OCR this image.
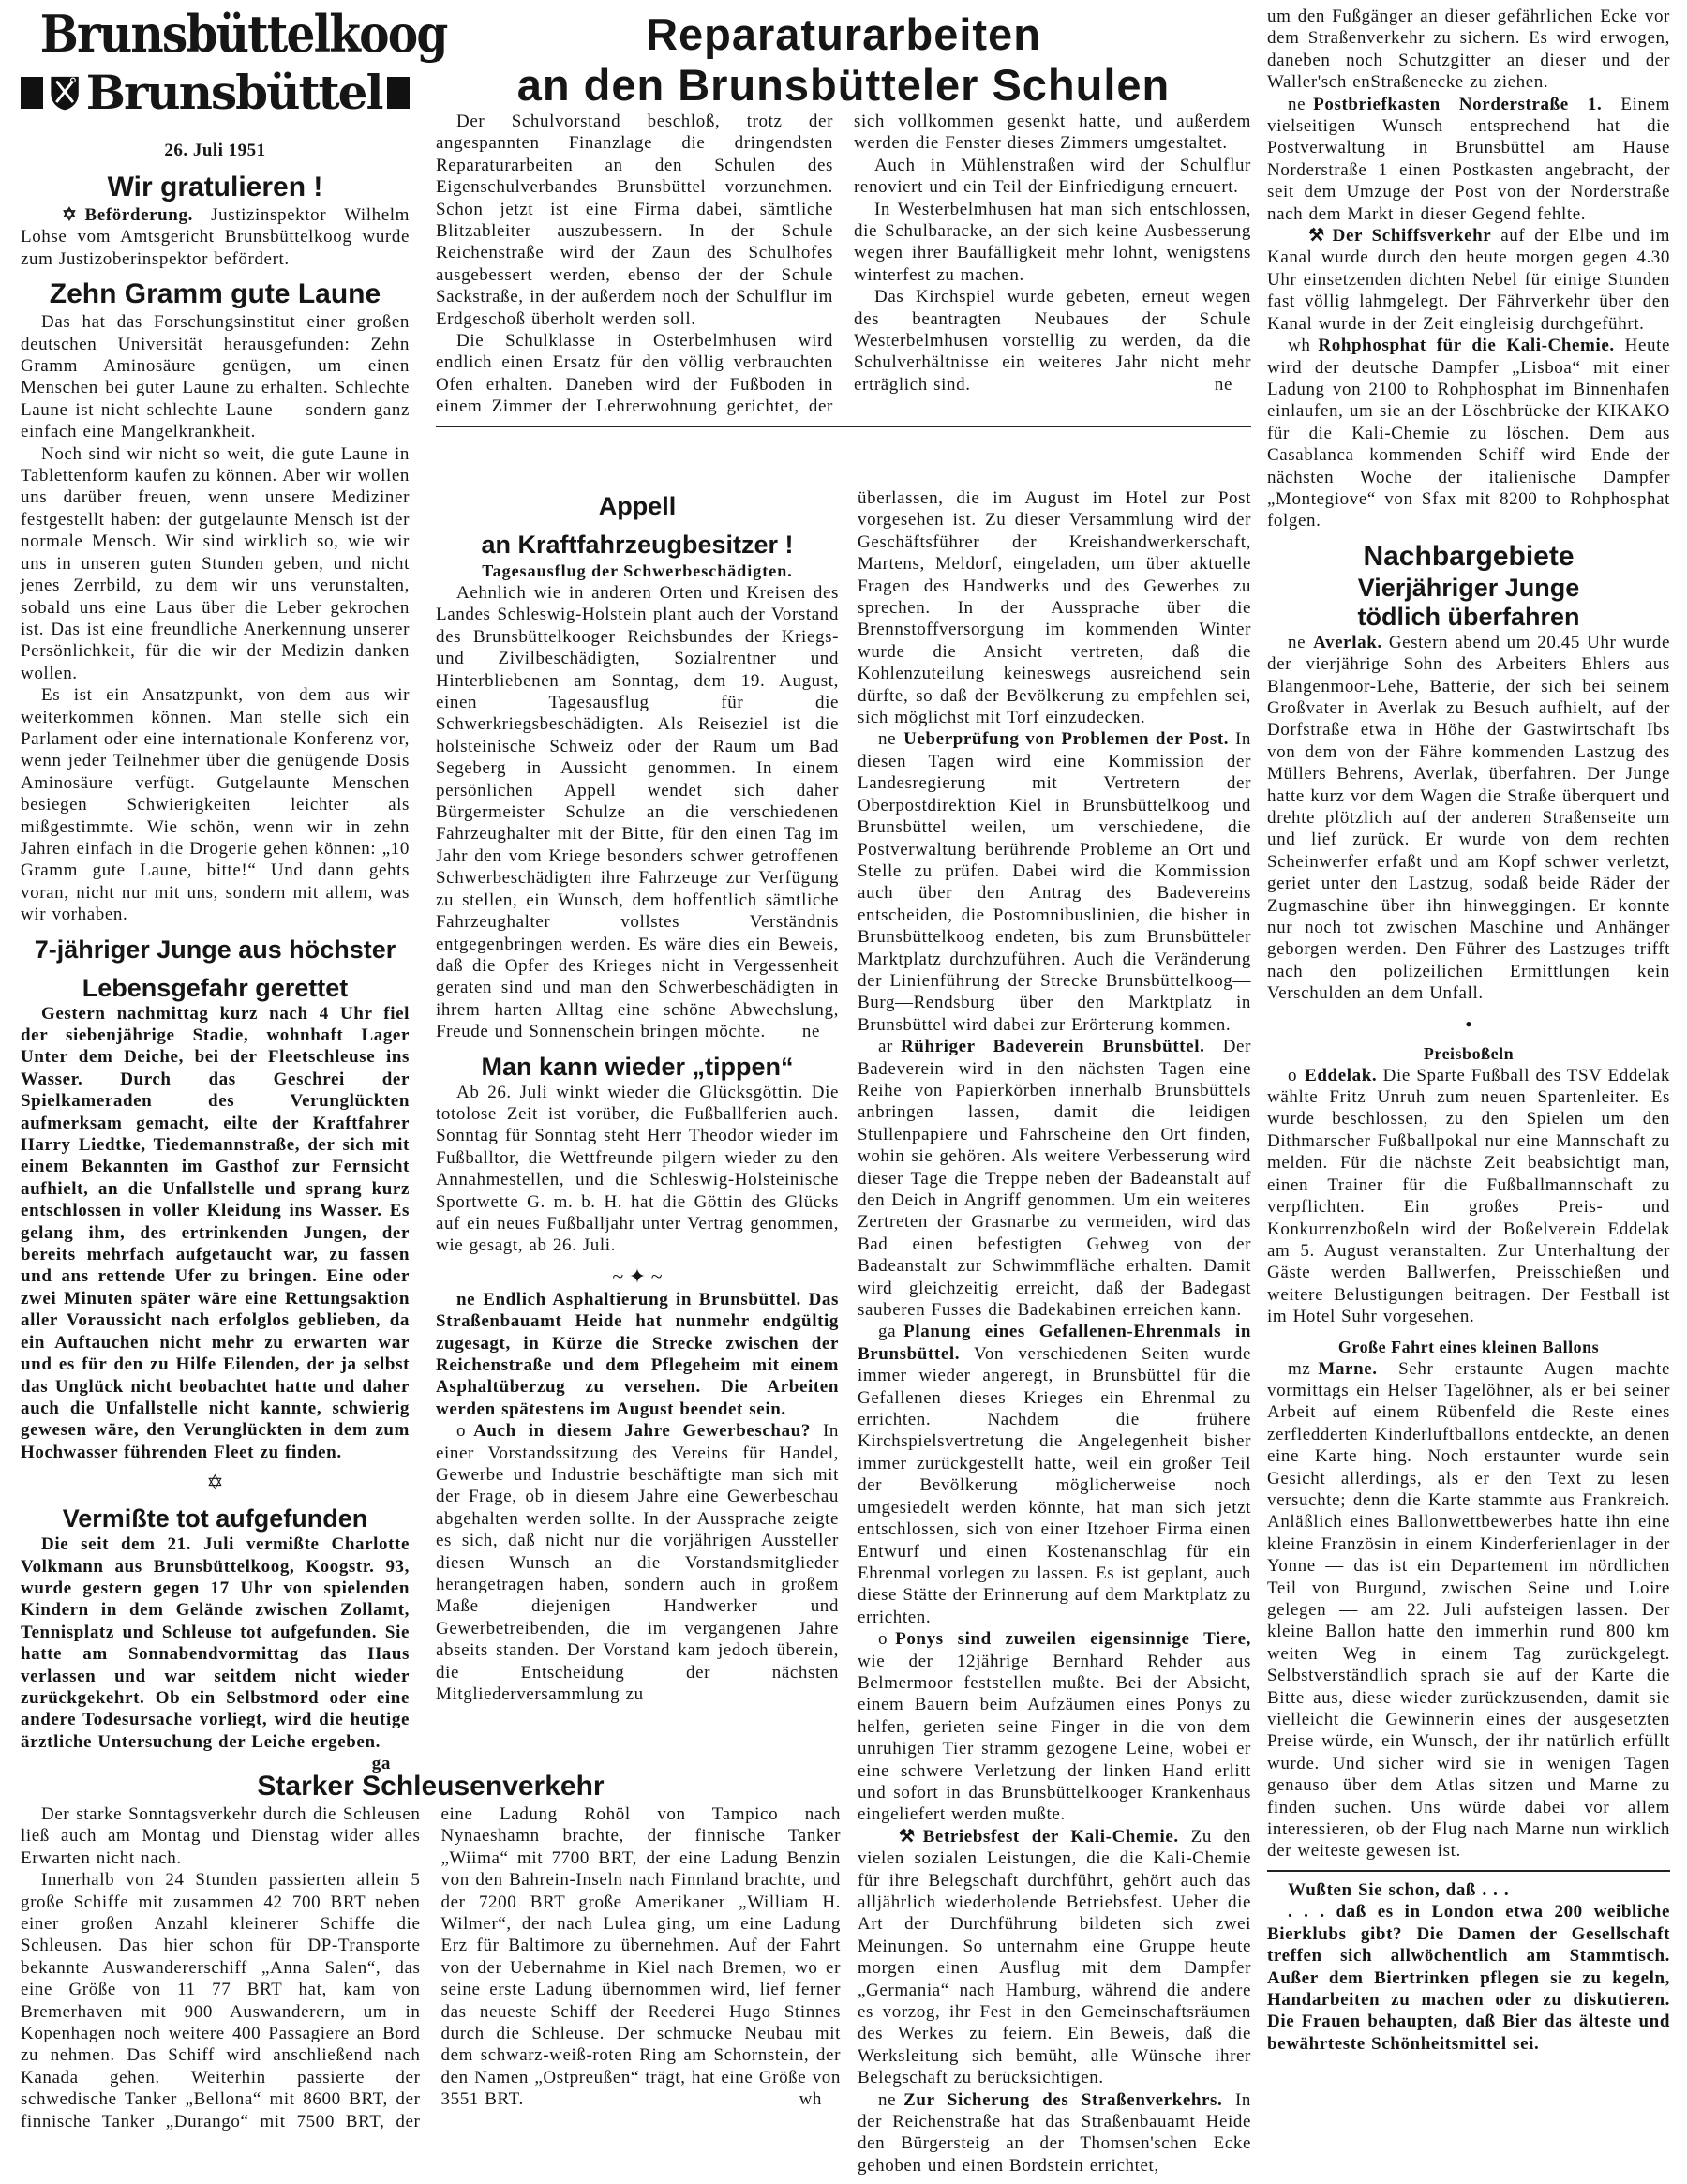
Brunsbüttelkoog
Brunsbüttel
26. Juli 1951
Wir gratulieren !

✡ Beförderung. Justizinspektor Wilhelm Lohse vom Amtsgericht Brunsbüttelkoog wurde zum Justizoberinspektor befördert.

Zehn Gramm gute Laune

Das hat das Forschungsinstitut einer großen deutschen Universität herausgefunden: Zehn Gramm Aminosäure genügen, um einen Menschen bei guter Laune zu erhalten. Schlechte Laune ist nicht schlechte Laune — sondern ganz einfach eine Mangelkrankheit.

Noch sind wir nicht so weit, die gute Laune in Tablettenform kaufen zu können. Aber wir wollen uns darüber freuen, wenn unsere Mediziner festgestellt haben: der gutgelaunte Mensch ist der normale Mensch. Wir sind wirklich so, wie wir uns in unseren guten Stunden geben, und nicht jenes Zerrbild, zu dem wir uns verunstalten, sobald uns eine Laus über die Leber gekrochen ist. Das ist eine freundliche Anerkennung unserer Persönlichkeit, für die wir der Medizin danken wollen.

Es ist ein Ansatzpunkt, von dem aus wir weiterkommen können. Man stelle sich ein Parlament oder eine internationale Konferenz vor, wenn jeder Teilnehmer über die genügende Dosis Aminosäure verfügt. Gutgelaunte Menschen besiegen Schwierigkeiten leichter als mißgestimmte. Wie schön, wenn wir in zehn Jahren einfach in die Drogerie gehen können: „10 Gramm gute Laune, bitte!“ Und dann gehts voran, nicht nur mit uns, sondern mit allem, was wir vorhaben.

7-jähriger Junge aus höchster
Lebensgefahr gerettet

Gestern nachmittag kurz nach 4 Uhr fiel der siebenjährige Stadie, wohnhaft Lager Unter dem Deiche, bei der Fleetschleuse ins Wasser. Durch das Geschrei der Spielkameraden des Verunglückten aufmerksam gemacht, eilte der Kraftfahrer Harry Liedtke, Tiedemannstraße, der sich mit einem Bekannten im Gasthof zur Fernsicht aufhielt, an die Unfallstelle und sprang kurz entschlossen in voller Kleidung ins Wasser. Es gelang ihm, des ertrinkenden Jungen, der bereits mehrfach aufgetaucht war, zu fassen und ans rettende Ufer zu bringen. Eine oder zwei Minuten später wäre eine Rettungsaktion aller Voraussicht nach erfolglos geblieben, da ein Auftauchen nicht mehr zu erwarten war und es für den zu Hilfe Eilenden, der ja selbst das Unglück nicht beobachtet hatte und daher auch die Unfallstelle nicht kannte, schwierig gewesen wäre, den Verunglückten in dem zum Hochwasser führenden Fleet zu finden.

✡
Vermißte tot aufgefunden

Die seit dem 21. Juli vermißte Charlotte Volkmann aus Brunsbüttelkoog, Koogstr. 93, wurde gestern gegen 17 Uhr von spielenden Kindern in dem Gelände zwischen Zollamt, Tennisplatz und Schleuse tot aufgefunden. Sie hatte am Sonnabendvormittag das Haus verlassen und war seitdem nicht wieder zurückgekehrt. Ob ein Selbstmord oder eine andere Todesursache vorliegt, wird die heutige ärztliche Untersuchung der Leiche ergeben.
ga

Reparaturarbeiten
an den Brunsbütteler Schulen

Der Schulvorstand beschloß, trotz der angespannten Finanzlage die dringendsten Reparaturarbeiten an den Schulen des Eigenschulverbandes Brunsbüttel vorzunehmen. Schon jetzt ist eine Firma dabei, sämtliche Blitzableiter auszubessern. In der Schule Reichenstraße wird der Zaun des Schulhofes ausgebessert werden, ebenso der der Schule Sackstraße, in der außerdem noch der Schulflur im Erdgeschoß überholt werden soll.

Die Schulklasse in Osterbelmhusen wird endlich einen Ersatz für den völlig verbrauchten Ofen erhalten. Daneben wird der Fußboden in einem Zimmer der Lehrerwohnung gerichtet, der sich vollkommen gesenkt hatte, und außerdem werden die Fenster dieses Zimmers umgestaltet.

Auch in Mühlenstraßen wird der Schulflur renoviert und ein Teil der Einfriedigung erneuert.

In Westerbelmhusen hat man sich entschlossen, die Schulbaracke, an der sich keine Ausbesserung wegen ihrer Baufälligkeit mehr lohnt, wenigstens winterfest zu machen.

Das Kirchspiel wurde gebeten, erneut wegen des beantragten Neubaues der Schule Westerbelmhusen vorstellig zu werden, da die Schulverhältnisse ein weiteres Jahr nicht mehr erträglich sind.	ne

Appell
an Kraftfahrzeugbesitzer !
Tagesausflug der Schwerbeschädigten.

Aehnlich wie in anderen Orten und Kreisen des Landes Schleswig-Holstein plant auch der Vorstand des Brunsbüttelkooger Reichsbundes der Kriegs- und Zivilbeschädigten, Sozialrentner und Hinterbliebenen am Sonntag, dem 19. August, einen Tagesausflug für die Schwerkriegsbeschädigten. Als Reiseziel ist die holsteinische Schweiz oder der Raum um Bad Segeberg in Aussicht genommen. In einem persönlichen Appell wendet sich daher Bürgermeister Schulze an die verschiedenen Fahrzeughalter mit der Bitte, für den einen Tag im Jahr den vom Kriege besonders schwer getroffenen Schwerbeschädigten ihre Fahrzeuge zur Verfügung zu stellen, ein Wunsch, dem hoffentlich sämtliche Fahrzeughalter vollstes Verständnis entgegenbringen werden. Es wäre dies ein Beweis, daß die Opfer des Krieges nicht in Vergessenheit geraten sind und man den Schwerbeschädigten in ihrem harten Alltag eine schöne Abwechslung, Freude und Sonnenschein bringen möchte.	ne

Man kann wieder „tippen“

Ab 26. Juli winkt wieder die Glücksgöttin. Die totolose Zeit ist vorüber, die Fußballferien auch. Sonntag für Sonntag steht Herr Theodor wieder im Fußballtor, die Wettfreunde pilgern wieder zu den Annahmestellen, und die Schleswig-Holsteinische Sportwette G. m. b. H. hat die Göttin des Glücks auf ein neues Fußballjahr unter Vertrag genommen, wie gesagt, ab 26. Juli.

~ ✦ ~

ne Endlich Asphaltierung in Brunsbüttel. Das Straßenbauamt Heide hat nunmehr endgültig zugesagt, in Kürze die Strecke zwischen der Reichenstraße und dem Pflegeheim mit einem Asphaltüberzug zu versehen. Die Arbeiten werden spätestens im August beendet sein.

o Auch in diesem Jahre Gewerbeschau? In einer Vorstandssitzung des Vereins für Handel, Gewerbe und Industrie beschäftigte man sich mit der Frage, ob in diesem Jahre eine Gewerbeschau abgehalten werden sollte. In der Aussprache zeigte es sich, daß nicht nur die vorjährigen Aussteller diesen Wunsch an die Vorstandsmitglieder herangetragen haben, sondern auch in großem Maße diejenigen Handwerker und Gewerbetreibenden, die im vergangenen Jahre abseits standen. Der Vorstand kam jedoch überein, die Entscheidung der nächsten Mitgliederversammlung zu

überlassen, die im August im Hotel zur Post vorgesehen ist. Zu dieser Versammlung wird der Geschäftsführer der Kreishandwerkerschaft, Martens, Meldorf, eingeladen, um über aktuelle Fragen des Handwerks und des Gewerbes zu sprechen. In der Aussprache über die Brennstoffversorgung im kommenden Winter wurde die Ansicht vertreten, daß die Kohlenzuteilung keineswegs ausreichend sein dürfte, so daß der Bevölkerung zu empfehlen sei, sich möglichst mit Torf einzudecken.

ne Ueberprüfung von Problemen der Post. In diesen Tagen wird eine Kommission der Landesregierung mit Vertretern der Oberpostdirektion Kiel in Brunsbüttelkoog und Brunsbüttel weilen, um verschiedene, die Postverwaltung berührende Probleme an Ort und Stelle zu prüfen. Dabei wird die Kommission auch über den Antrag des Badevereins entscheiden, die Postomnibuslinien, die bisher in Brunsbüttelkoog endeten, bis zum Brunsbütteler Marktplatz durchzuführen. Auch die Veränderung der Linienführung der Strecke Brunsbüttelkoog—Burg—Rendsburg über den Marktplatz in Brunsbüttel wird dabei zur Erörterung kommen.

ar Rühriger Badeverein Brunsbüttel. Der Badeverein wird in den nächsten Tagen eine Reihe von Papierkörben innerhalb Brunsbüttels anbringen lassen, damit die leidigen Stullenpapiere und Fahrscheine den Ort finden, wohin sie gehören. Als weitere Verbesserung wird dieser Tage die Treppe neben der Badeanstalt auf den Deich in Angriff genommen. Um ein weiteres Zertreten der Grasnarbe zu vermeiden, wird das Bad einen befestigten Gehweg von der Badeanstalt zur Schwimmfläche erhalten. Damit wird gleichzeitig erreicht, daß der Badegast sauberen Fusses die Badekabinen erreichen kann.

ga Planung eines Gefallenen-Ehrenmals in Brunsbüttel. Von verschiedenen Seiten wurde immer wieder angeregt, in Brunsbüttel für die Gefallenen dieses Krieges ein Ehrenmal zu errichten. Nachdem die frühere Kirchspielsvertretung die Angelegenheit bisher immer zurückgestellt hatte, weil ein großer Teil der Bevölkerung möglicherweise noch umgesiedelt werden könnte, hat man sich jetzt entschlossen, sich von einer Itzehoer Firma einen Entwurf und einen Kostenanschlag für ein Ehrenmal vorlegen zu lassen. Es ist geplant, auch diese Stätte der Erinnerung auf dem Marktplatz zu errichten.

o Ponys sind zuweilen eigensinnige Tiere, wie der 12jährige Bernhard Rehder aus Belmermoor feststellen mußte. Bei der Absicht, einem Bauern beim Aufzäumen eines Ponys zu helfen, gerieten seine Finger in die von dem unruhigen Tier stramm gezogene Leine, wobei er eine schwere Verletzung der linken Hand erlitt und sofort in das Brunsbüttelkooger Krankenhaus eingeliefert werden mußte.

⚒ Betriebsfest der Kali-Chemie. Zu den vielen sozialen Leistungen, die die Kali-Chemie für ihre Belegschaft durchführt, gehört auch das alljährlich wiederholende Betriebsfest. Ueber die Art der Durchführung bildeten sich zwei Meinungen. So unternahm eine Gruppe heute morgen einen Ausflug mit dem Dampfer „Germania“ nach Hamburg, während die andere es vorzog, ihr Fest in den Gemeinschaftsräumen des Werkes zu feiern. Ein Beweis, daß die Werksleitung sich bemüht, alle Wünsche ihrer Belegschaft zu berücksichtigen.

ne Zur Sicherung des Straßenverkehrs. In der Reichenstraße hat das Straßenbauamt Heide den Bürgersteig an der Thomsen'schen Ecke gehoben und einen Bordstein errichtet,

um den Fußgänger an dieser gefährlichen Ecke vor dem Straßenverkehr zu sichern. Es wird erwogen, daneben noch Schutzgitter an dieser und der Waller'sch enStraßenecke zu ziehen.

ne Postbriefkasten Norderstraße 1. Einem vielseitigen Wunsch entsprechend hat die Postverwaltung in Brunsbüttel am Hause Norderstraße 1 einen Postkasten angebracht, der seit dem Umzuge der Post von der Norderstraße nach dem Markt in dieser Gegend fehlte.

⚒ Der Schiffsverkehr auf der Elbe und im Kanal wurde durch den heute morgen gegen 4.30 Uhr einsetzenden dichten Nebel für einige Stunden fast völlig lahmgelegt. Der Fährverkehr über den Kanal wurde in der Zeit eingleisig durchgeführt.

wh Rohphosphat für die Kali-Chemie. Heute wird der deutsche Dampfer „Lisboa“ mit einer Ladung von 2100 to Rohphosphat im Binnenhafen einlaufen, um sie an der Löschbrücke der KIKAKO für die Kali-Chemie zu löschen. Dem aus Casablanca kommenden Schiff wird Ende der nächsten Woche der italienische Dampfer „Montegiove“ von Sfax mit 8200 to Rohphosphat folgen.

Nachbargebiete
Vierjähriger Junge
tödlich überfahren

ne Averlak. Gestern abend um 20.45 Uhr wurde der vierjährige Sohn des Arbeiters Ehlers aus Blangenmoor-Lehe, Batterie, der sich bei seinem Großvater in Averlak zu Besuch aufhielt, auf der Dorfstraße etwa in Höhe der Gastwirtschaft Ibs von dem von der Fähre kommenden Lastzug des Müllers Behrens, Averlak, überfahren. Der Junge hatte kurz vor dem Wagen die Straße überquert und drehte plötzlich auf der anderen Straßenseite um und lief zurück. Er wurde von dem rechten Scheinwerfer erfaßt und am Kopf schwer verletzt, geriet unter den Lastzug, sodaß beide Räder der Zugmaschine über ihn hinweggingen. Er konnte nur noch tot zwischen Maschine und Anhänger geborgen werden. Den Führer des Lastzuges trifft nach den polizeilichen Ermittlungen kein Verschulden an dem Unfall.

•
Preisboßeln

o Eddelak. Die Sparte Fußball des TSV Eddelak wählte Fritz Unruh zum neuen Spartenleiter. Es wurde beschlossen, zu den Spielen um den Dithmarscher Fußballpokal nur eine Mannschaft zu melden. Für die nächste Zeit beabsichtigt man, einen Trainer für die Fußballmannschaft zu verpflichten. Ein großes Preis- und Konkurrenzboßeln wird der Boßelverein Eddelak am 5. August veranstalten. Zur Unterhaltung der Gäste werden Ballwerfen, Preisschießen und weitere Belustigungen beitragen. Der Festball ist im Hotel Suhr vorgesehen.

Große Fahrt eines kleinen Ballons

mz Marne. Sehr erstaunte Augen machte vormittags ein Helser Tagelöhner, als er bei seiner Arbeit auf einem Rübenfeld die Reste eines zerfledderten Kinderluftballons entdeckte, an denen eine Karte hing. Noch erstaunter wurde sein Gesicht allerdings, als er den Text zu lesen versuchte; denn die Karte stammte aus Frankreich. Anläßlich eines Ballonwettbewerbes hatte ihn eine kleine Französin in einem Kinderferienlager in der Yonne — das ist ein Departement im nördlichen Teil von Burgund, zwischen Seine und Loire gelegen — am 22. Juli aufsteigen lassen. Der kleine Ballon hatte den immerhin rund 800 km weiten Weg in einem Tag zurückgelegt. Selbstverständlich sprach sie auf der Karte die Bitte aus, diese wieder zurückzusenden, damit sie vielleicht die Gewinnerin eines der ausgesetzten Preise würde, ein Wunsch, der ihr natürlich erfüllt wurde. Und sicher wird sie in wenigen Tagen genauso über dem Atlas sitzen und Marne zu finden suchen. Uns würde dabei vor allem interessieren, ob der Flug nach Marne nun wirklich der weiteste gewesen ist.

Wußten Sie schon, daß . . .

. . . daß es in London etwa 200 weibliche Bierklubs gibt? Die Damen der Gesellschaft treffen sich allwöchentlich am Stammtisch. Außer dem Biertrinken pflegen sie zu kegeln, Handarbeiten zu machen oder zu diskutieren. Die Frauen behaupten, daß Bier das älteste und bewährteste Schönheitsmittel sei.

Starker Schleusenverkehr

Der starke Sonntagsverkehr durch die Schleusen ließ auch am Montag und Dienstag wider alles Erwarten nicht nach.

Innerhalb von 24 Stunden passierten allein 5 große Schiffe mit zusammen 42 700 BRT neben einer großen Anzahl kleinerer Schiffe die Schleusen. Das hier schon für DP-Transporte bekannte Auswandererschiff „Anna Salen“, das eine Größe von 11 77 BRT hat, kam von Bremerhaven mit 900 Auswanderern, um in Kopenhagen noch weitere 400 Passagiere an Bord zu nehmen. Das Schiff wird anschließend nach Kanada gehen. Weiterhin passierte der schwedische Tanker „Bellona“ mit 8600 BRT, der finnische Tanker „Durango“ mit 7500 BRT, der eine Ladung Rohöl von Tampico nach Nynaeshamn brachte, der finnische Tanker „Wiima“ mit 7700 BRT, der eine Ladung Benzin von den Bahrein-Inseln nach Finnland brachte, und der 7200 BRT große Amerikaner „William H. Wilmer“, der nach Lulea ging, um eine Ladung Erz für Baltimore zu übernehmen. Auf der Fahrt von der Uebernahme in Kiel nach Bremen, wo er seine erste Ladung übernommen wird, lief ferner das neueste Schiff der Reederei Hugo Stinnes durch die Schleuse. Der schmucke Neubau mit dem schwarz-weiß-roten Ring am Schornstein, der den Namen „Ostpreußen“ trägt, hat eine Größe von 3551 BRT.	wh
